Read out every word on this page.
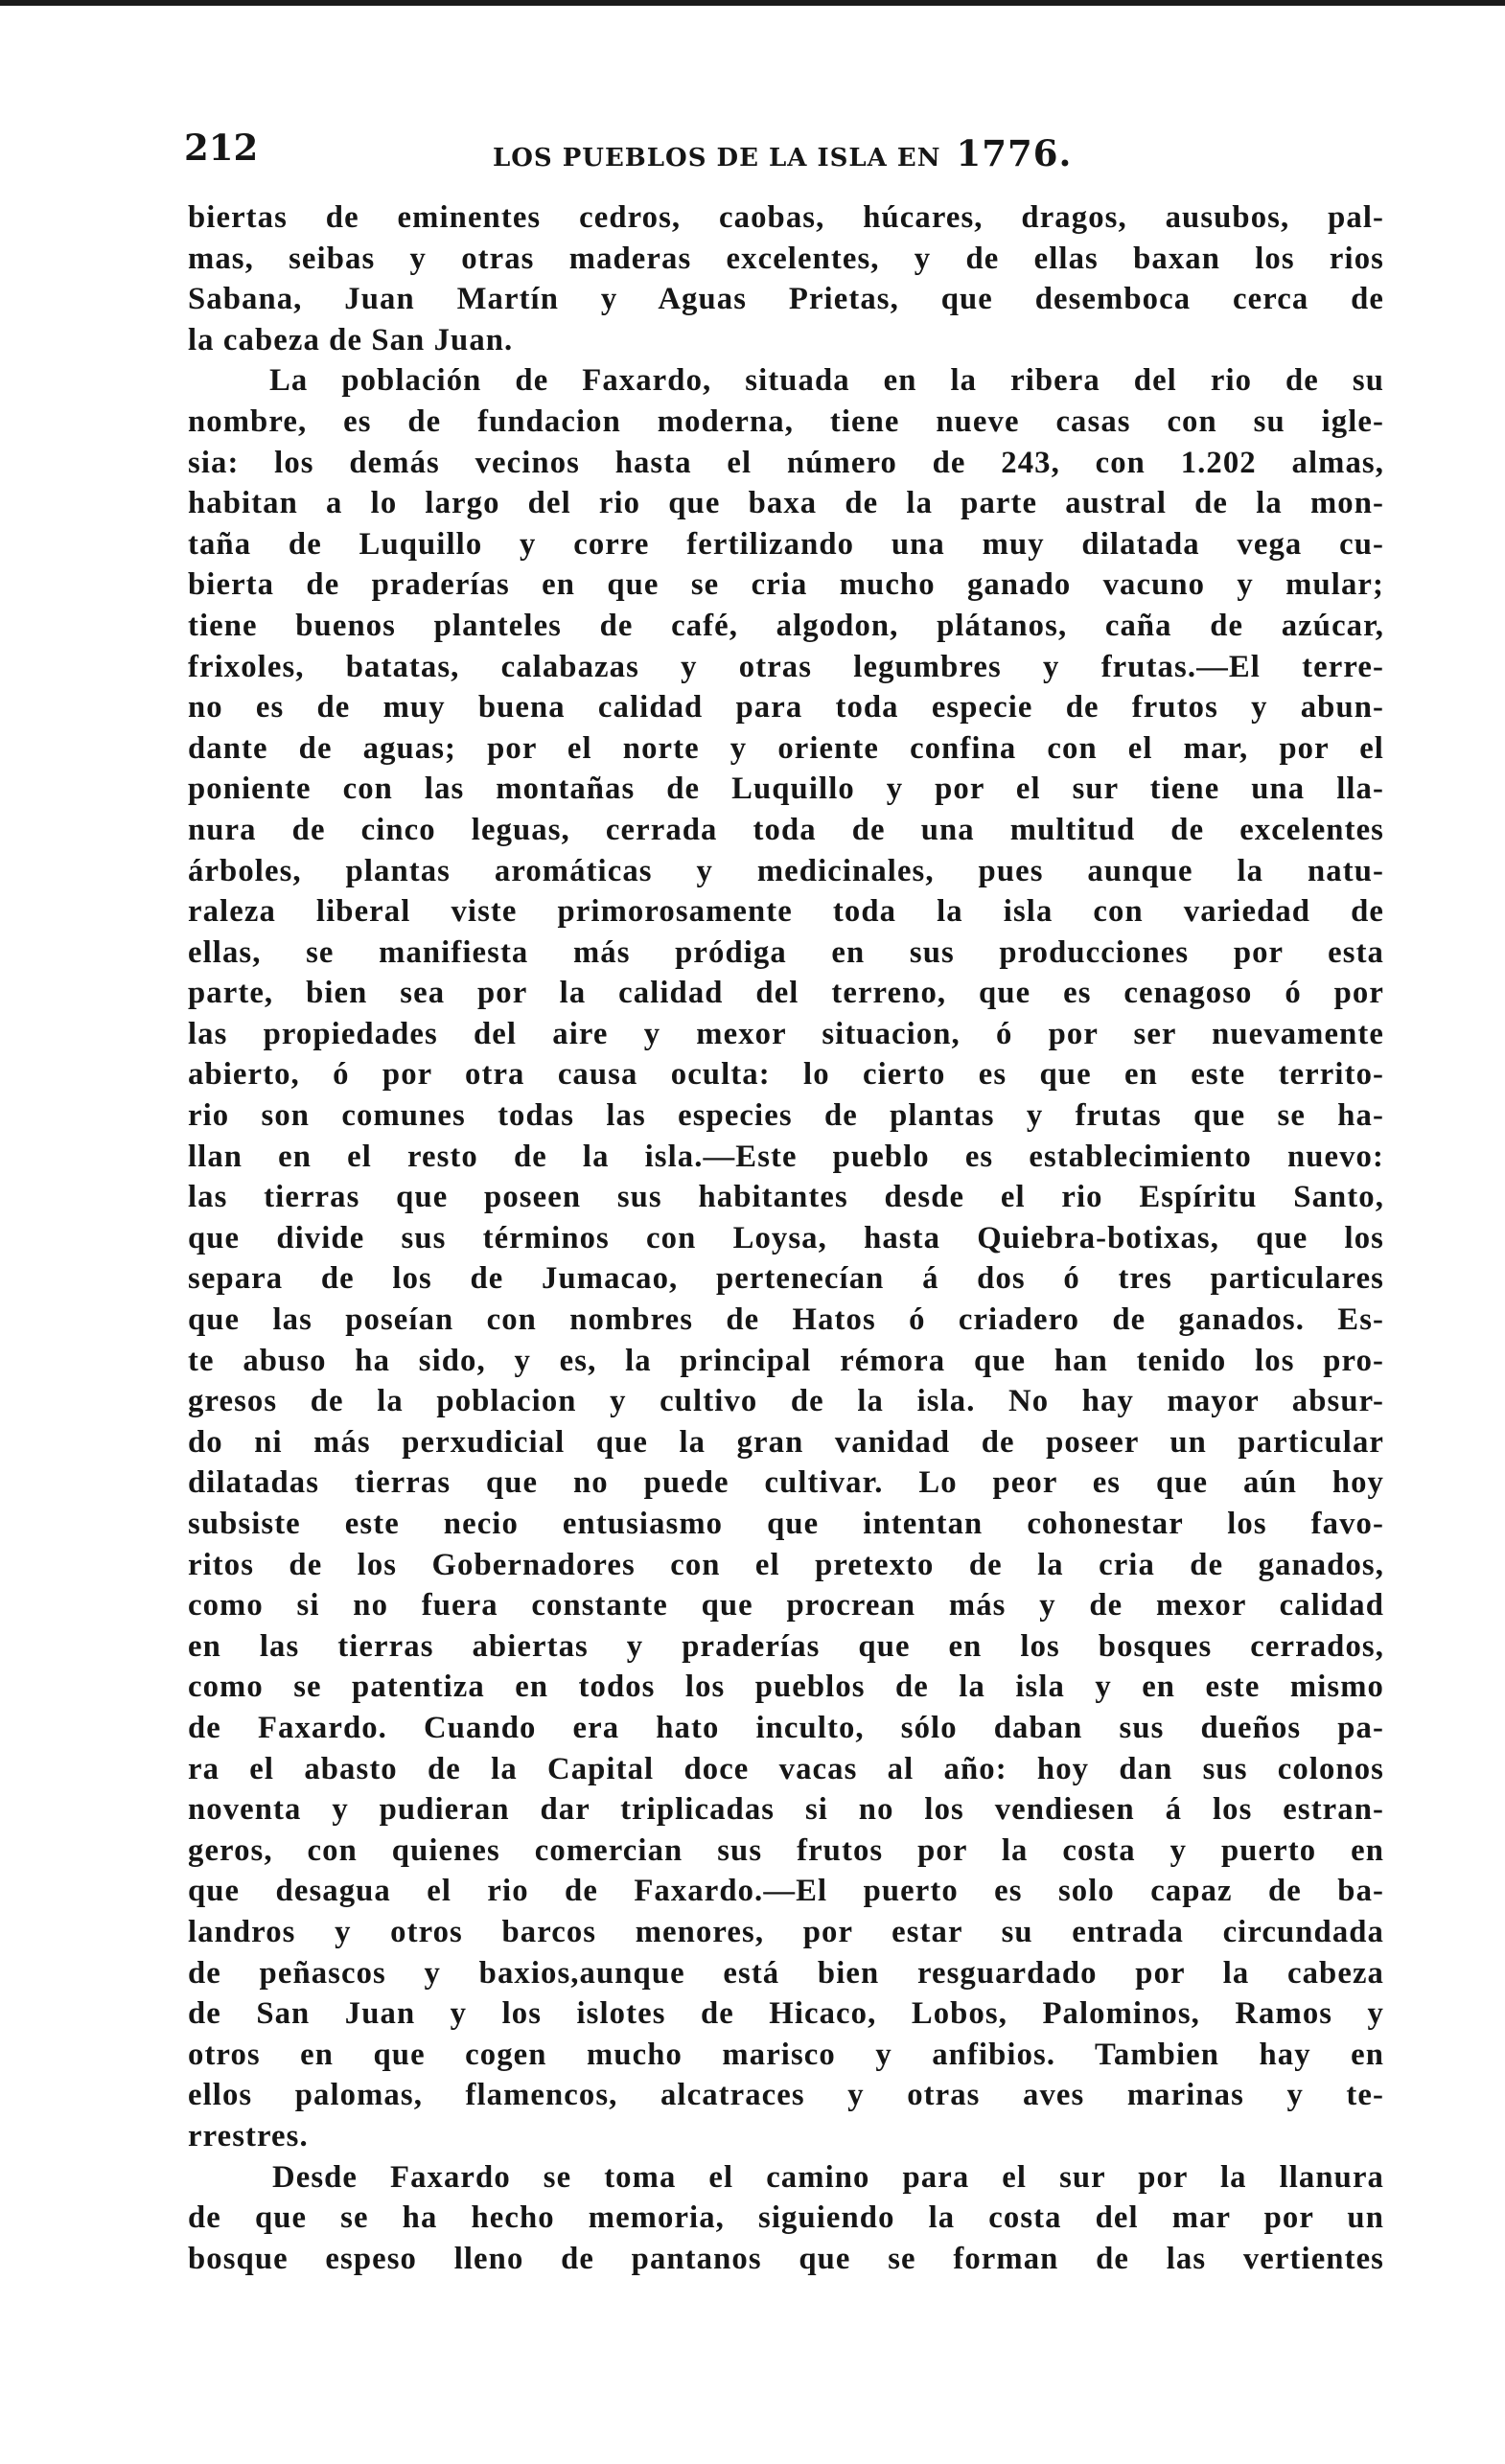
212	LOS PUEBLOS DE LA ISLA EN 1776.
biertas de eminentes cedros, caobas, húcares, dragos, ausubos, pal-
mas, seibas y otras maderas excelentes, y de ellas baxan los rios
Sabana, Juan Martín y Aguas Prietas, que desemboca cerca de
la cabeza de San Juan.
La población de Faxardo, situada en la ribera del rio de su
nombre, es de fundacion moderna, tiene nueve casas con su igle-
sia: los demás vecinos hasta el número de 243, con 1.202 almas,
habitan a lo largo del rio que baxa de la parte austral de la mon-
taña de Luquillo y corre fertilizando una muy dilatada vega cu-
bierta de praderías en que se cria mucho ganado vacuno y mular;
tiene buenos planteles de café, algodon, plátanos, caña de azúcar,
frixoles, batatas, calabazas y otras legumbres y frutas.—El terre-
no es de muy buena calidad para toda especie de frutos y abun-
dante de aguas; por el norte y oriente confina con el mar, por el
poniente con las montañas de Luquillo y por el sur tiene una lla-
nura de cinco leguas, cerrada toda de una multitud de excelentes
árboles, plantas aromáticas y medicinales, pues aunque la natu-
raleza liberal viste primorosamente toda la isla con variedad de
ellas, se manifiesta más pródiga en sus producciones por esta
parte, bien sea por la calidad del terreno, que es cenagoso ó por
las propiedades del aire y mexor situacion, ó por ser nuevamente
abierto, ó por otra causa oculta: lo cierto es que en este territo-
rio son comunes todas las especies de plantas y frutas que se ha-
llan en el resto de la isla.—Este pueblo es establecimiento nuevo:
las tierras que poseen sus habitantes desde el rio Espíritu Santo,
que divide sus términos con Loysa, hasta Quiebra-botixas, que los
separa de los de Jumacao, pertenecían á dos ó tres particulares
que las poseían con nombres de Hatos ó criadero de ganados. Es-
te abuso ha sido, y es, la principal rémora que han tenido los pro-
gresos de la poblacion y cultivo de la isla. No hay mayor absur-
do ni más perxudicial que la gran vanidad de poseer un particular
dilatadas tierras que no puede cultivar. Lo peor es que aún hoy
subsiste este necio entusiasmo que intentan cohonestar los favo-
ritos de los Gobernadores con el pretexto de la cria de ganados,
como si no fuera constante que procrean más y de mexor calidad
en las tierras abiertas y praderías que en los bosques cerrados,
como se patentiza en todos los pueblos de la isla y en este mismo
de Faxardo. Cuando era hato inculto, sólo daban sus dueños pa-
ra el abasto de la Capital doce vacas al año: hoy dan sus colonos
noventa y pudieran dar triplicadas si no los vendiesen á los estran-
geros, con quienes comercian sus frutos por la costa y puerto en
que desagua el rio de Faxardo.—El puerto es solo capaz de ba-
landros y otros barcos menores, por estar su entrada circundada
de peñascos y baxios,aunque está bien resguardado por la cabeza
de San Juan y los islotes de Hicaco, Lobos, Palominos, Ramos y
otros en que cogen mucho marisco y anfibios. Tambien hay en
ellos palomas, flamencos, alcatraces y otras aves marinas y te-
rrestres.
Desde Faxardo se toma el camino para el sur por la llanura
de que se ha hecho memoria, siguiendo la costa del mar por un
bosque espeso lleno de pantanos que se forman de las vertientes
